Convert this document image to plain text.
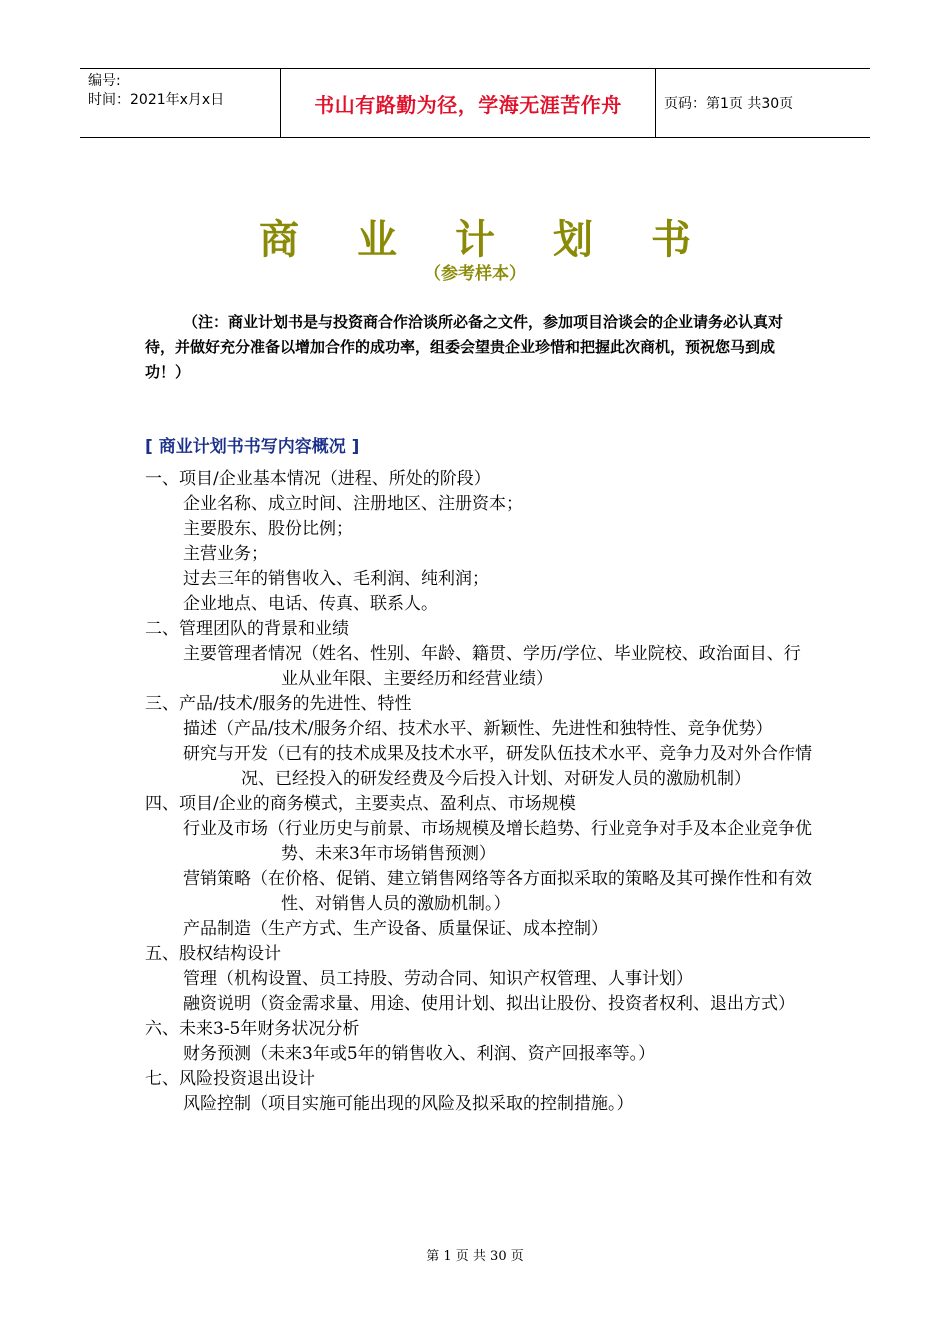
编号:
时间：2021年x月x日	书山有路勤为径，学海无涯苦作舟	页码：第1页 共30页
商业计划书
（参考样本）
（注：商业计划书是与投资商合作洽谈所必备之文件，参加项目洽谈会的企业请务必认真对待，并做好充分准备以增加合作的成功率，组委会望贵企业珍惜和把握此次商机，预祝您马到成功！）
[ 商业计划书书写内容概况 ]

一、项目/企业基本情况（进程、所处的阶段）

企业名称、成立时间、注册地区、注册资本；

主要股东、股份比例；

主营业务；

过去三年的销售收入、毛利润、纯利润；

企业地点、电话、传真、联系人。

二、管理团队的背景和业绩

主要管理者情况（姓名、性别、年龄、籍贯、学历/学位、毕业院校、政治面目、行业从业年限、主要经历和经营业绩）

三、产品/技术/服务的先进性、特性

描述（产品/技术/服务介绍、技术水平、新颖性、先进性和独特性、竞争优势）

研究与开发（已有的技术成果及技术水平，研发队伍技术水平、竞争力及对外合作情况、已经投入的研发经费及今后投入计划、对研发人员的激励机制）

四、项目/企业的商务模式，主要卖点、盈利点、市场规模

行业及市场（行业历史与前景、市场规模及增长趋势、行业竞争对手及本企业竞争优势、未来3年市场销售预测）

营销策略（在价格、促销、建立销售网络等各方面拟采取的策略及其可操作性和有效性、对销售人员的激励机制。）

产品制造（生产方式、生产设备、质量保证、成本控制）

五、股权结构设计

管理（机构设置、员工持股、劳动合同、知识产权管理、人事计划）

融资说明（资金需求量、用途、使用计划、拟出让股份、投资者权利、退出方式）

六、未来3-5年财务状况分析

财务预测（未来3年或5年的销售收入、利润、资产回报率等。）

七、风险投资退出设计

风险控制（项目实施可能出现的风险及拟采取的控制措施。）

第 1 页 共 30 页
